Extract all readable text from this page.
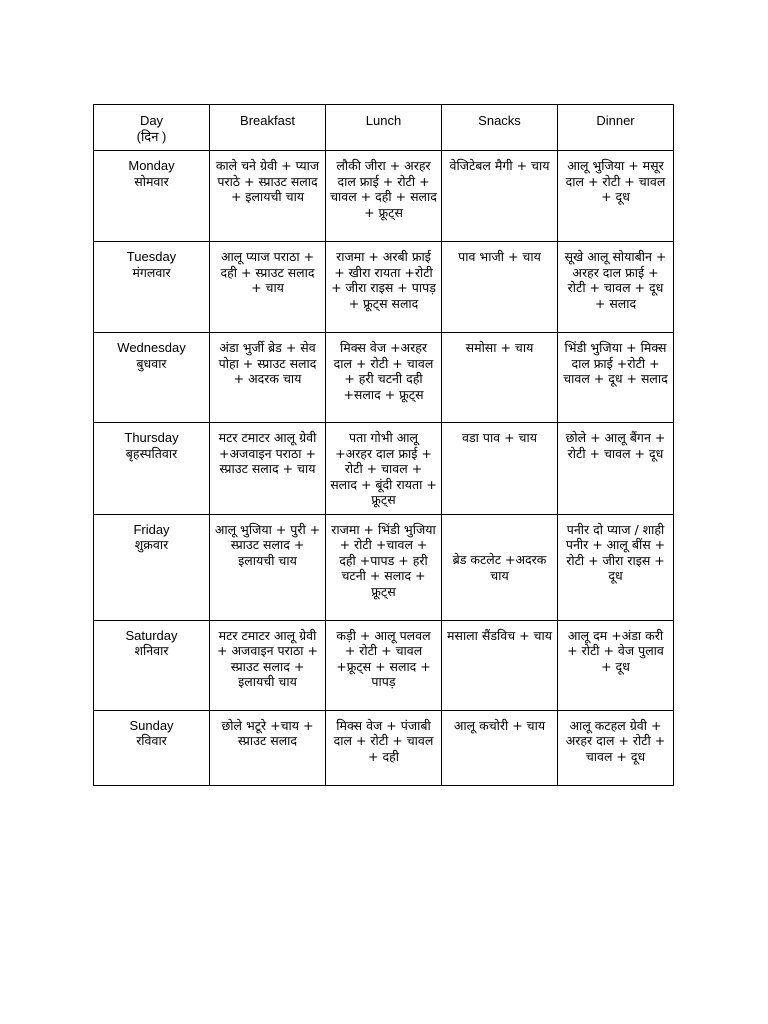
Day
(दिन )	Breakfast	Lunch	Snacks	Dinner

Monday
सोमवार	काले चने ग्रेवी + प्याज पराठे + स्प्राउट सलाद + इलायची चाय	लौकी जीरा + अरहर दाल फ्राई + रोटी + चावल + दही + सलाद + फ्रूट्स	वेजिटेबल मैगी + चाय	आलू भुजिया + मसूर दाल + रोटी + चावल + दूध

Tuesday
मंगलवार	आलू प्याज पराठा + दही + स्प्राउट सलाद + चाय	राजमा + अरबी फ्राई + खीरा रायता +रोटी + जीरा राइस + पापड़ + फ्रूट्स सलाद	पाव भाजी + चाय	सूखे आलू सोयाबीन + अरहर दाल फ्राई + रोटी + चावल + दूध + सलाद

Wednesday
बुधवार	अंडा भुर्जी ब्रेड + सेव पोहा + स्प्राउट सलाद + अदरक चाय	मिक्स वेज +अरहर दाल + रोटी + चावल + हरी चटनी दही +सलाद + फ्रूट्स	समोसा + चाय	भिंडी भुजिया + मिक्स दाल फ्राई +रोटी + चावल + दूध + सलाद

Thursday
बृहस्पतिवार	मटर टमाटर आलू ग्रेवी +अजवाइन पराठा + स्प्राउट सलाद + चाय	पता गोभी आलू +अरहर दाल फ्राई + रोटी + चावल + सलाद + बूंदी रायता + फ्रूट्स	वडा पाव + चाय	छोले + आलू बैंगन + रोटी + चावल + दूध

Friday
शुक्रवार	आलू भुजिया + पुरी + स्प्राउट सलाद + इलायची चाय	राजमा + भिंडी भुजिया + रोटी +चावल + दही +पापड + हरी चटनी + सलाद + फ्रूट्स	ब्रेड कटलेट +अदरक चाय	पनीर दो प्याज / शाही पनीर + आलू बींस + रोटी + जीरा राइस + दूध

Saturday
शनिवार	मटर टमाटर आलू ग्रेवी + अजवाइन पराठा + स्प्राउट सलाद + इलायची चाय	कड़ी + आलू पलवल + रोटी + चावल +फ्रूट्स + सलाद + पापड़	मसाला सैंडविच + चाय	आलू दम +अंडा करी + रोटी + वेज पुलाव + दूध

Sunday
रविवार	छोले भटूरे +चाय + स्प्राउट सलाद	मिक्स वेज + पंजाबी दाल + रोटी + चावल + दही	आलू कचोरी + चाय	आलू कटहल ग्रेवी + अरहर दाल + रोटी + चावल + दूध
